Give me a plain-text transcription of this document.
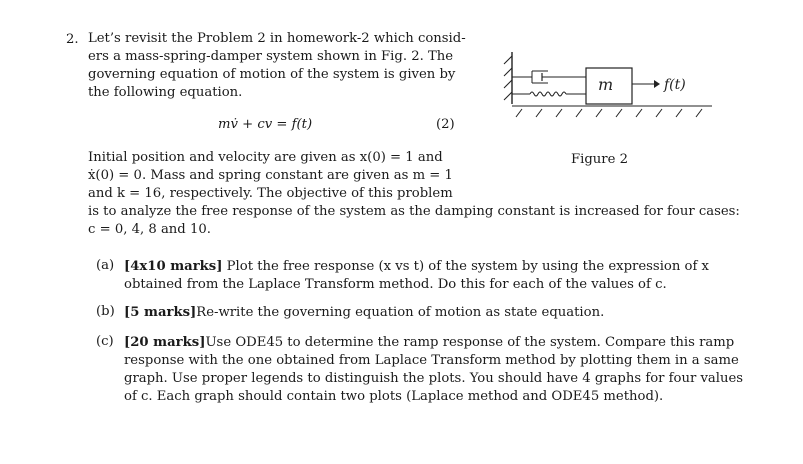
2. Let’s revisit the Problem 2 in homework-2 which consid-
ers a mass-spring-damper system shown in Fig. 2. The
governing equation of motion of the system is given by
the following equation.
mv̇ + cv = f(t)	(2)
Initial position and velocity are given as x(0) = 1 and
ẋ(0) = 0. Mass and spring constant are given as m = 1
and k = 16, respectively. The objective of this problem
is to analyze the free response of the system as the damping constant is increased for four cases:
c = 0, 4, 8 and 10.
m	f(t)
Figure 2
(a) [4x10 marks] Plot the free response (x vs t) of the system by using the expression of x
obtained from the Laplace Transform method. Do this for each of the values of c.
(b) [5 marks]Re-write the governing equation of motion as state equation.
(c) [20 marks]Use ODE45 to determine the ramp response of the system. Compare this ramp
response with the one obtained from Laplace Transform method by plotting them in a same
graph. Use proper legends to distinguish the plots. You should have 4 graphs for four values
of c. Each graph should contain two plots (Laplace method and ODE45 method).
